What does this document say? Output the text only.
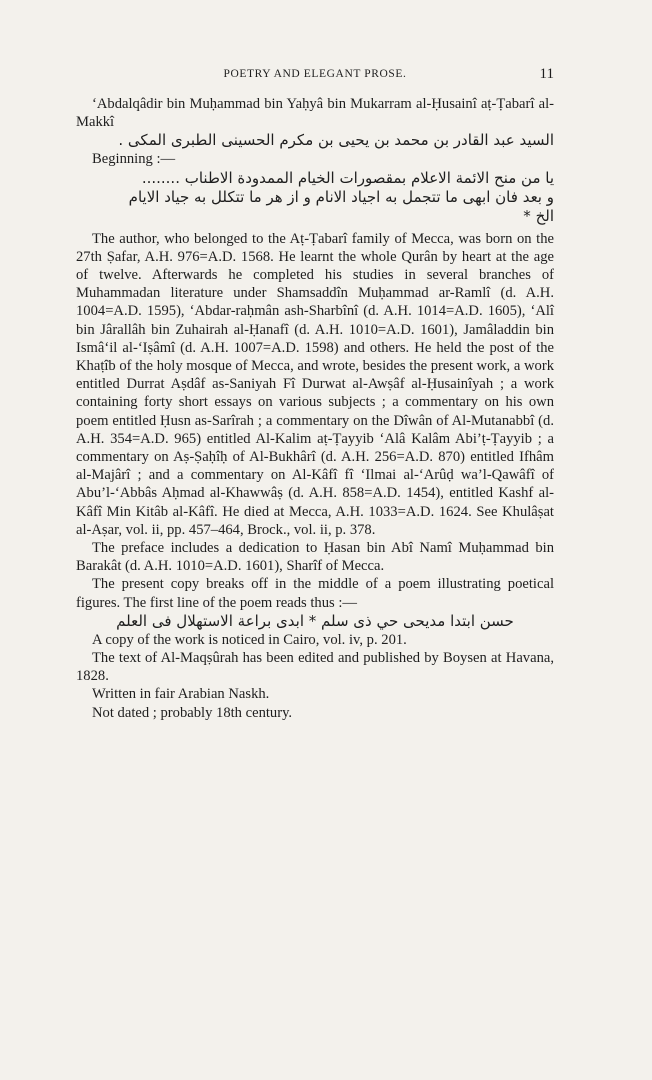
POETRY AND ELEGANT PROSE.	11

‘Abdalqâdir bin Muḥammad bin Yaḥyâ bin Mukarram al-Ḥusainî aṭ-Ṭabarî al-Makkî

السيد عبد القادر بن محمد بن يحيى بن مكرم الحسينى الطبرى المكى .

Beginning :—

يا من منح الائمة الاعلام بمقصورات الخيام الممدودة الاطناب ........

و بعد فان ابهى ما تتجمل به اجياد الانام و از هر ما تتكلل به جياد الايام

الخ *

The author, who belonged to the Aṭ-Ṭabarî family of Mecca, was born on the 27th Ṣafar, A.H. 976=A.D. 1568. He learnt the whole Qurân by heart at the age of twelve. Afterwards he completed his studies in several branches of Muhammadan literature under Shamsaddîn Muḥammad ar-Ramlî (d. A.H. 1004=A.D. 1595), ‘Abdar-raḥmân ash-Sharbînî (d. A.H. 1014=A.D. 1605), ‘Alî bin Jârallâh bin Zuhairah al-Ḥanafî (d. A.H. 1010=A.D. 1601), Jamâladdin bin Ismâ‘il al-‘Iṣâmî (d. A.H. 1007=A.D. 1598) and others. He held the post of the Khaṭîb of the holy mosque of Mecca, and wrote, besides the present work, a work entitled Durrat Aṣdâf as-Saniyah Fî Durwat al-Awṣâf al-Ḥusainîyah ; a work containing forty short essays on various subjects ; a commentary on his own poem entitled Ḥusn as-Sarîrah ; a commentary on the Dîwân of Al-Mutanabbî (d. A.H. 354=A.D. 965) entitled Al-Kalim aṭ-Ṭayyib ‘Alâ Kalâm Abi’ṭ-Ṭayyib ; a commentary on Aṣ-Ṣaḥîḥ of Al-Bukhârî (d. A.H. 256=A.D. 870) entitled Ifhâm al-Majârî ; and a commentary on Al-Kâfî fî ‘Ilmai al-‘Arûḍ wa’l-Qawâfî of Abu’l-‘Abbâs Aḥmad al-Khawwâṣ (d. A.H. 858=A.D. 1454), entitled Kashf al-Kâfî Min Kitâb al-Kâfî. He died at Mecca, A.H. 1033=A.D. 1624. See Khulâṣat al-Aṣar, vol. ii, pp. 457–464, Brock., vol. ii, p. 378.

The preface includes a dedication to Ḥasan bin Abî Namî Muḥammad bin Barakât (d. A.H. 1010=A.D. 1601), Sharîf of Mecca.

The present copy breaks off in the middle of a poem illustrating poetical figures. The first line of the poem reads thus :—

حسن ابتدا مديحى حي ذى سلم * ابدى براعة الاستهلال فى العلم

A copy of the work is noticed in Cairo, vol. iv, p. 201.

The text of Al-Maqṣûrah has been edited and published by Boysen at Havana, 1828.

Written in fair Arabian Naskh.

Not dated ; probably 18th century.
